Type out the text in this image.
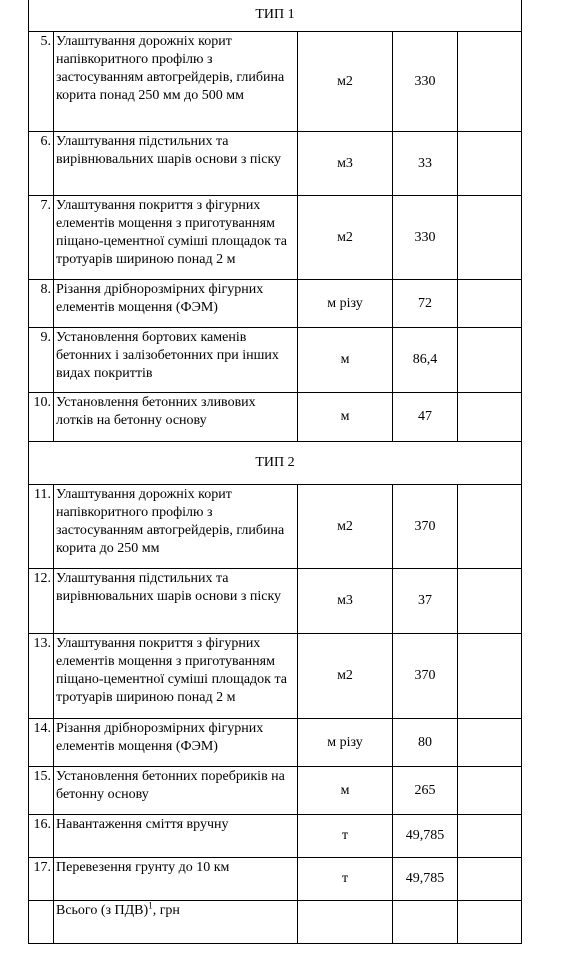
ТИП 1				
5.	Улаштування дорожніх корит напівкоритного профілю з застосуванням автогрейдерів, глибина корита понад 250 мм до 500 мм	м2	330	
6.	Улаштування підстильних та вирівнювальних шарів основи з піску	м3	33	
7.	Улаштування покриття з фігурних елементів мощення з приготуванням піщано-цементної суміші площадок та тротуарів шириною понад 2 м	м2	330	
8.	Різання дрібнорозмірних фігурних елементів мощення (ФЭМ)	м різу	72	
9.	Установлення бортових каменів бетонних і залізобетонних при інших видах покриттів	м	86,4	
10.	Установлення бетонних зливових лотків на бетонну основу	м	47	
ТИП 2				
11.	Улаштування дорожніх корит напівкоритного профілю з застосуванням автогрейдерів, глибина корита до 250 мм	м2	370	
12.	Улаштування підстильних та вирівнювальних шарів основи з піску	м3	37	
13.	Улаштування покриття з фігурних елементів мощення з приготуванням піщано-цементної суміші площадок та тротуарів шириною понад 2 м	м2	370	
14.	Різання дрібнорозмірних фігурних елементів мощення (ФЭМ)	м різу	80	
15.	Установлення бетонних поребриків на бетонну основу	м	265	
16.	Навантаження сміття вручну	т	49,785	
17.	Перевезення грунту до 10 км	т	49,785	
	Всього (з ПДВ)$^1$, грн			
